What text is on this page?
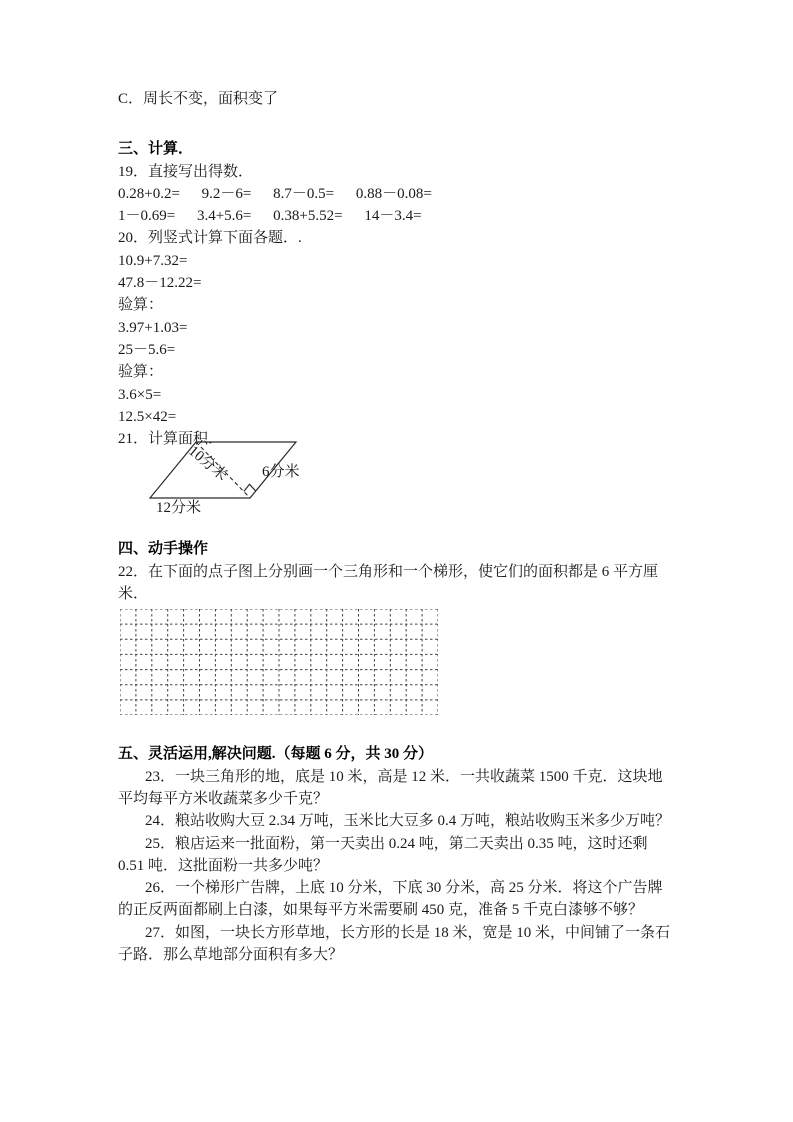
C．周长不变，面积变了

三、计算．

19．直接写出得数．

0.28+0.2= 9.2－6= 8.7－0.5= 0.88－0.08=

1－0.69= 3.4+5.6= 0.38+5.52= 14－3.4=

20．列竖式计算下面各题．.

10.9+7.32=

47.8－12.22=

验算：

3.97+1.03=

25－5.6=

验算：

3.6×5=

12.5×42=

21．计算面积．

10分米 6分米
12分米

四、动手操作

22．在下面的点子图上分别画一个三角形和一个梯形，使它们的面积都是 6 平方厘米．

五、灵活运用,解决问题.（每题 6 分，共 30 分）

23．一块三角形的地，底是 10 米，高是 12 米．一共收蔬菜 1500 千克．这块地平均每平方米收蔬菜多少千克？

24．粮站收购大豆 2.34 万吨，玉米比大豆多 0.4 万吨，粮站收购玉米多少万吨？

25．粮店运来一批面粉，第一天卖出 0.24 吨，第二天卖出 0.35 吨，这时还剩 0.51 吨．这批面粉一共多少吨？

26．一个梯形广告牌，上底 10 分米，下底 30 分米，高 25 分米．将这个广告牌的正反两面都刷上白漆，如果每平方米需要刷 450 克，准备 5 千克白漆够不够？

27．如图，一块长方形草地，长方形的长是 18 米，宽是 10 米，中间铺了一条石子路．那么草地部分面积有多大？
